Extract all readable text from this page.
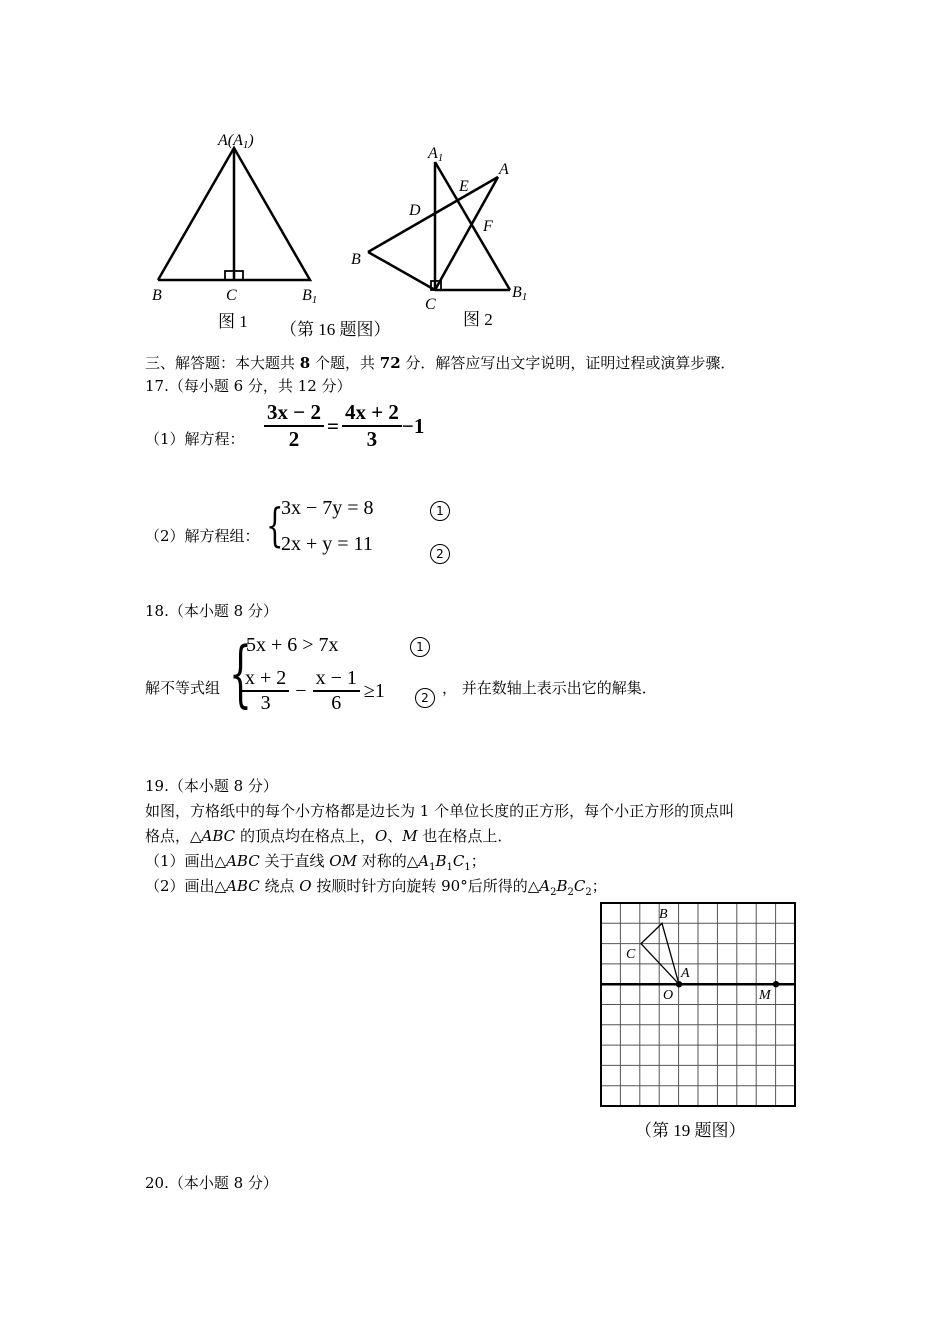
A(A1)
B	C	B1
图 1
A1
A
E
D
F
B
C
B1
图 2
（第 16 题图）
三、解答题：本大题共 8 个题，共 72 分．解答应写出文字说明，证明过程或演算步骤．
17.（每小题 6 分，共 12 分）
（1）解方程： $\frac{3x - 2}{2} = \frac{4x + 2}{3} -1$
（2）解方程组： {
3x − 7y = 8
2x + y = 11
1
2
18.（本小题 8 分）
解不等式组 {
5x + 6 > 7x
$\frac{x + 2}{3} - \frac{x - 1}{6} \ge 1$
1
2
， 并在数轴上表示出它的解集．
19.（本小题 8 分）
如图，方格纸中的每个小方格都是边长为 1 个单位长度的正方形，每个小正方形的顶点叫
格点，△ABC 的顶点均在格点上，O、M 也在格点上．
（1）画出△ABC 关于直线 OM 对称的$\triangle A_1B_1C_1$；
（2）画出△ABC 绕点 O 按顺时针方向旋转 90°后所得的$\triangle A_2B_2C_2$；
B
C
A
O	M
（第 19 题图）
20.（本小题 8 分）
